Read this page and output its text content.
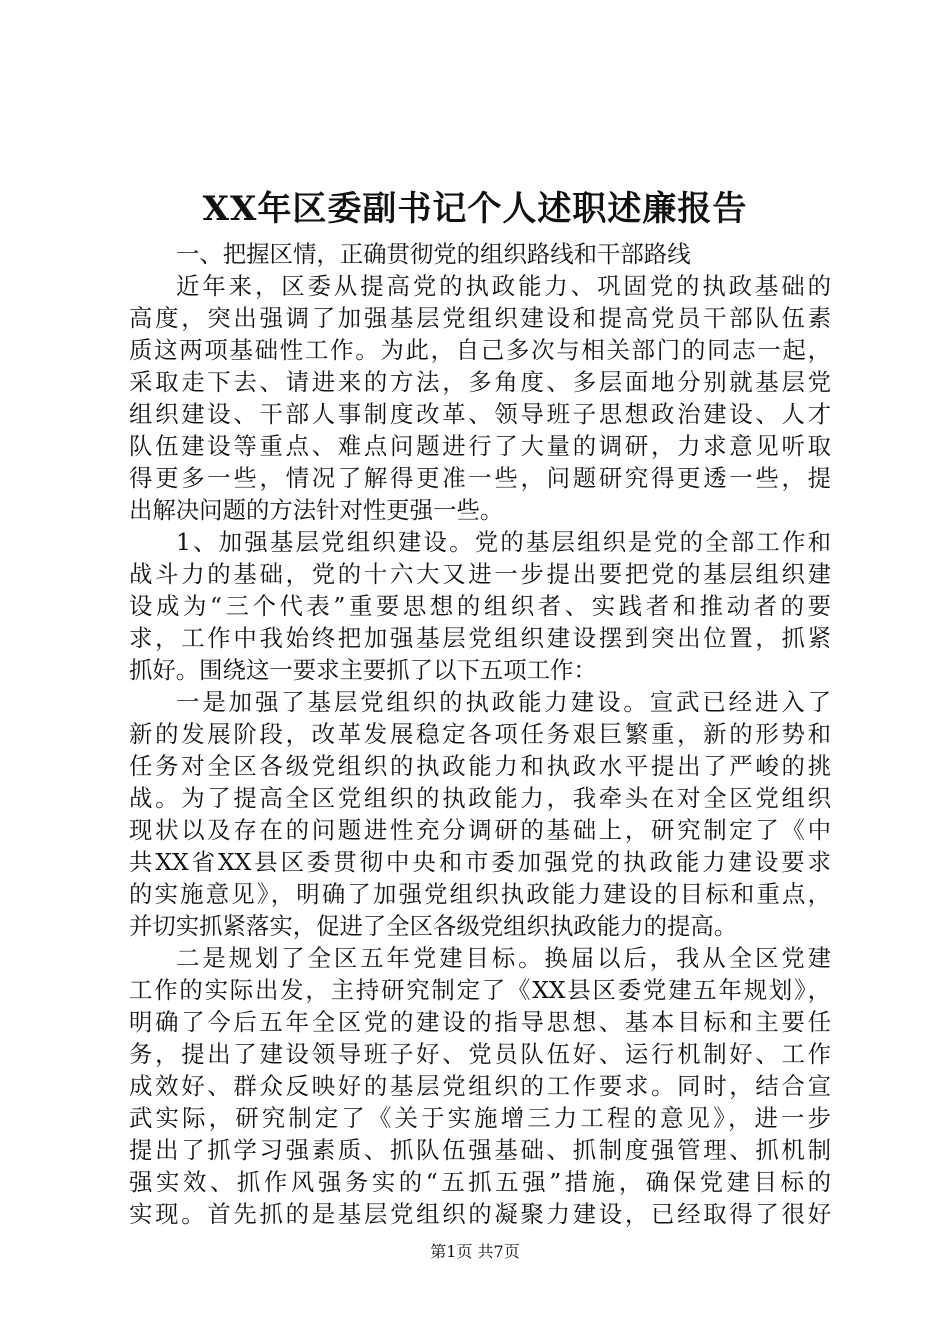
XX年区委副书记个人述职述廉报告
一、把握区情，正确贯彻党的组织路线和干部路线
近年来，区委从提高党的执政能力、巩固党的执政基础的
高度，突出强调了加强基层党组织建设和提高党员干部队伍素
质这两项基础性工作。为此，自己多次与相关部门的同志一起，
采取走下去、请进来的方法，多角度、多层面地分别就基层党
组织建设、干部人事制度改革、领导班子思想政治建设、人才
队伍建设等重点、难点问题进行了大量的调研，力求意见听取
得更多一些，情况了解得更准一些，问题研究得更透一些，提
出解决问题的方法针对性更强一些。
1、加强基层党组织建设。党的基层组织是党的全部工作和
战斗力的基础，党的十六大又进一步提出要把党的基层组织建
设成为“三个代表”重要思想的组织者、实践者和推动者的要
求，工作中我始终把加强基层党组织建设摆到突出位置，抓紧
抓好。围绕这一要求主要抓了以下五项工作：
一是加强了基层党组织的执政能力建设。宣武已经进入了
新的发展阶段，改革发展稳定各项任务艰巨繁重，新的形势和
任务对全区各级党组织的执政能力和执政水平提出了严峻的挑
战。为了提高全区党组织的执政能力，我牵头在对全区党组织
现状以及存在的问题进性充分调研的基础上，研究制定了《中
共XX省XX县区委贯彻中央和市委加强党的执政能力建设要求
的实施意见》，明确了加强党组织执政能力建设的目标和重点，
并切实抓紧落实，促进了全区各级党组织执政能力的提高。
二是规划了全区五年党建目标。换届以后，我从全区党建
工作的实际出发，主持研究制定了《XX县区委党建五年规划》，
明确了今后五年全区党的建设的指导思想、基本目标和主要任
务，提出了建设领导班子好、党员队伍好、运行机制好、工作
成效好、群众反映好的基层党组织的工作要求。同时，结合宣
武实际，研究制定了《关于实施增三力工程的意见》，进一步
提出了抓学习强素质、抓队伍强基础、抓制度强管理、抓机制
强实效、抓作风强务实的“五抓五强”措施，确保党建目标的
实现。首先抓的是基层党组织的凝聚力建设，已经取得了很好
第1页 共7页
